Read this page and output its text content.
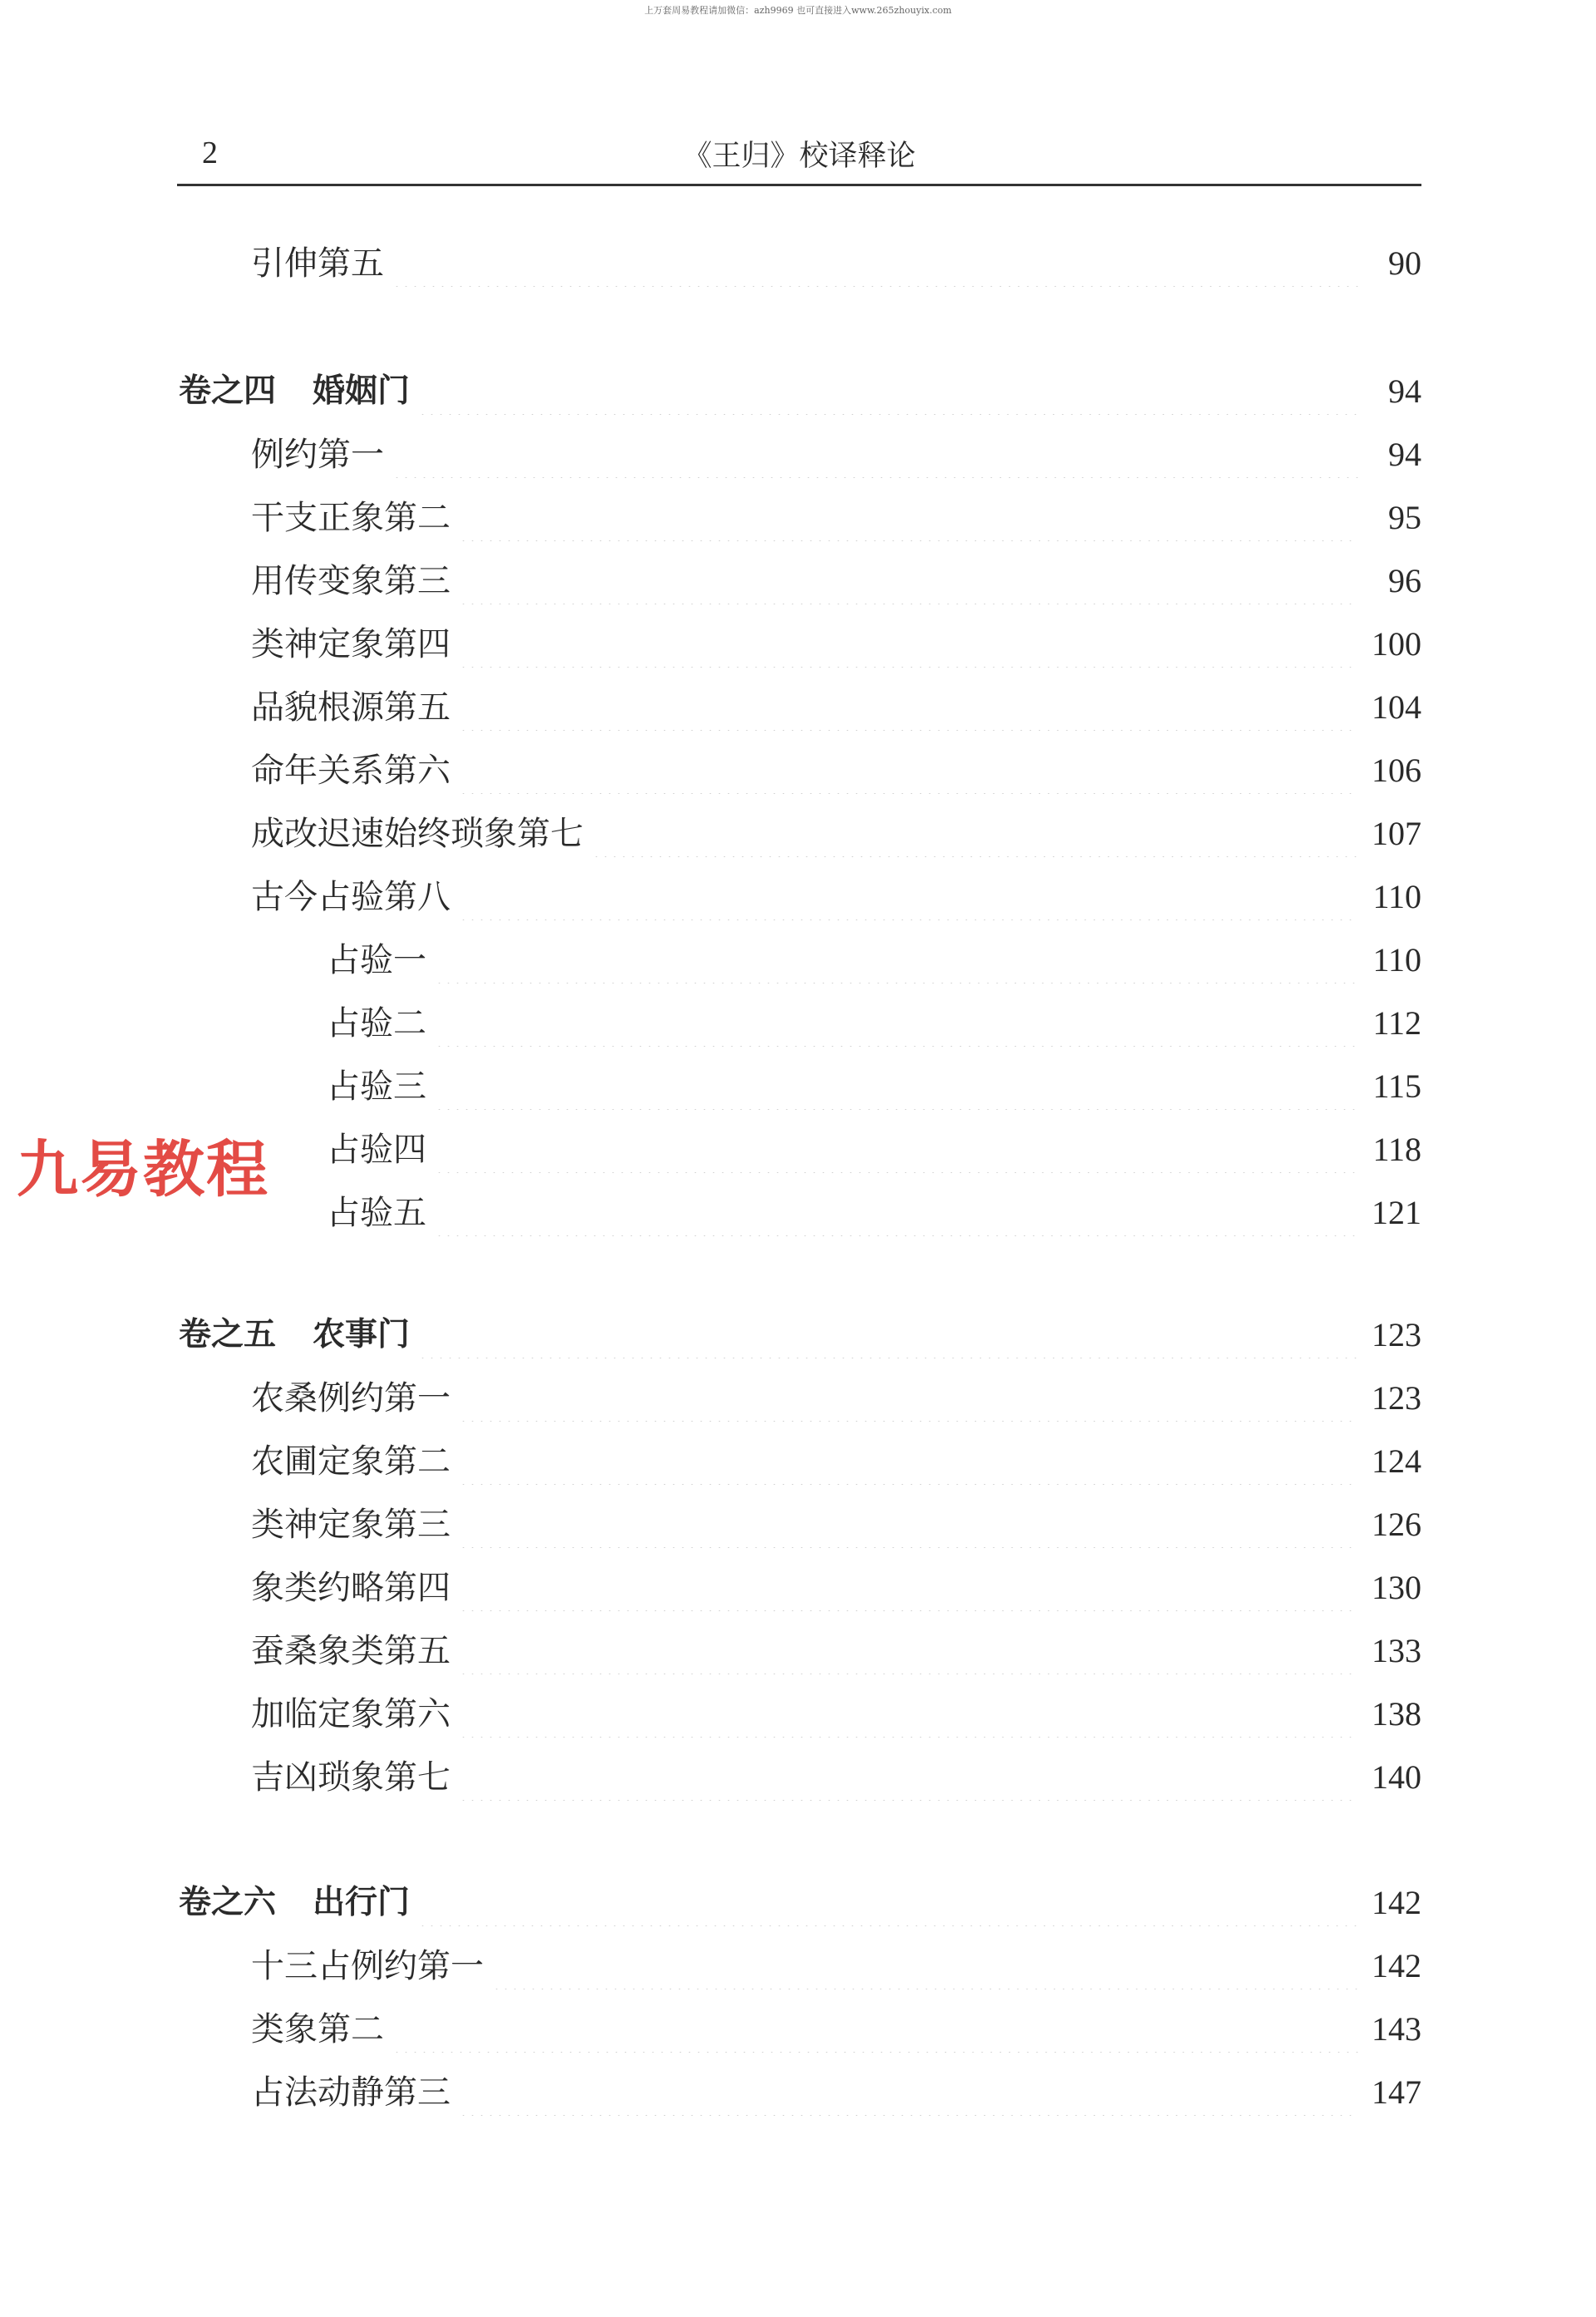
上万套周易教程请加微信：azh9969 也可直接进入www.265zhouyix.com
2	《王归》校译释论
引伸第五	90
卷之四 婚姻门	94
例约第一	94
干支正象第二	95
用传变象第三	96
类神定象第四	100
品貌根源第五	104
命年关系第六	106
成改迟速始终琐象第七	107
古今占验第八	110
占验一	110
占验二	112
占验三	115
占验四	118
占验五	121
卷之五 农事门	123
农桑例约第一	123
农圃定象第二	124
类神定象第三	126
象类约略第四	130
蚕桑象类第五	133
加临定象第六	138
吉凶琐象第七	140
卷之六 出行门	142
十三占例约第一	142
类象第二	143
占法动静第三	147
九易教程
